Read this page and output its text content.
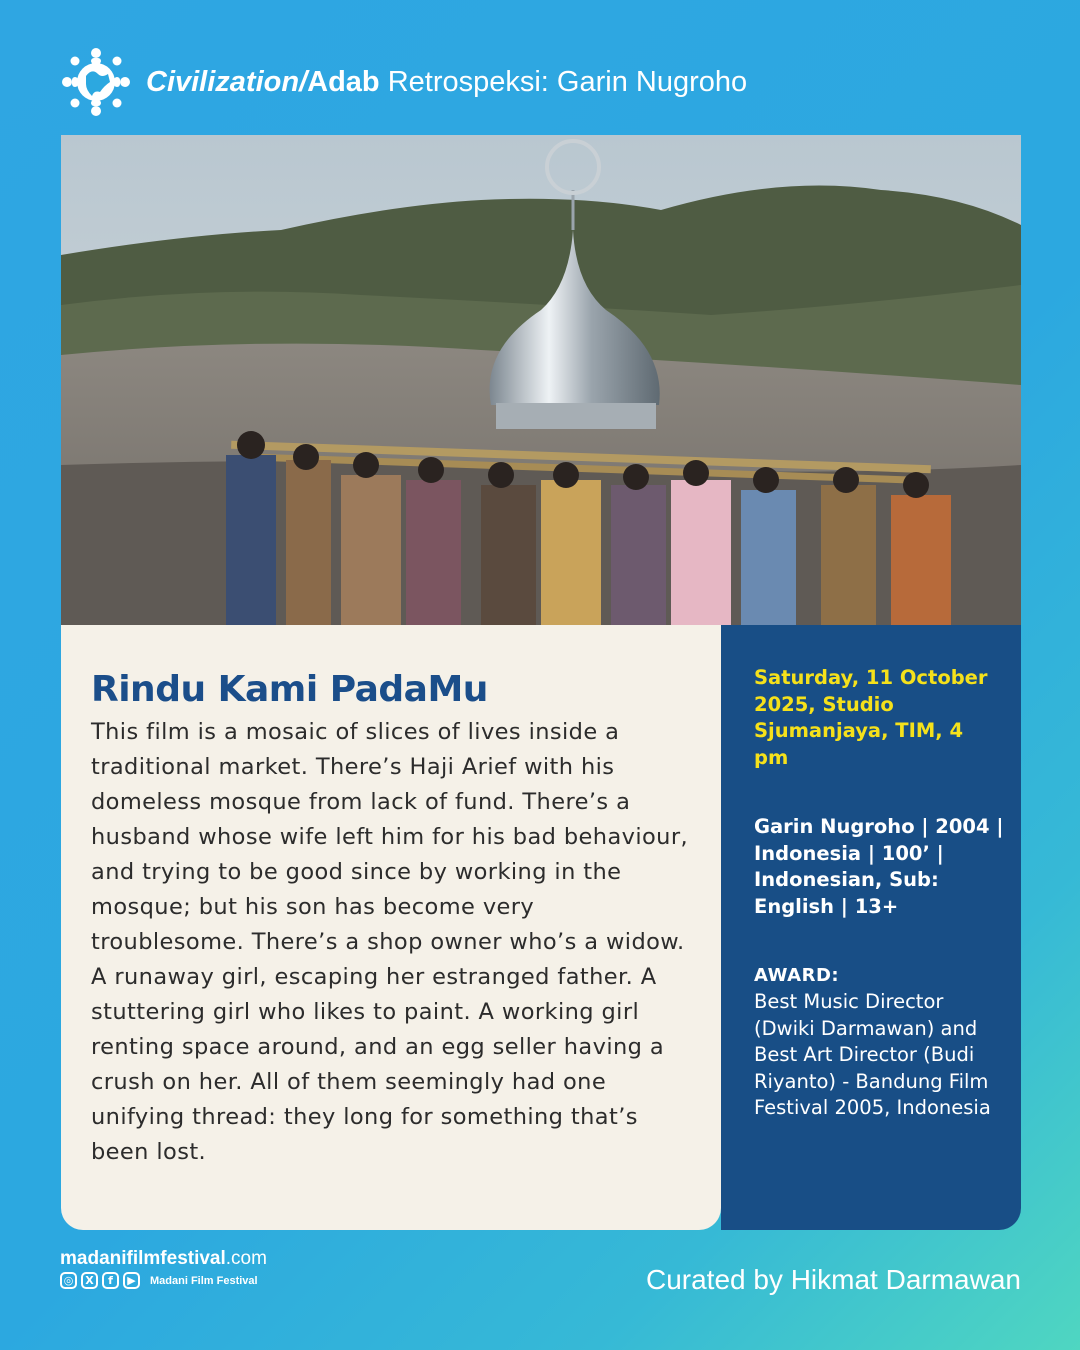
Civilization/Adab Retrospeksi: Garin Nugroho
Rindu Kami PadaMu

This film is a mosaic of slices of lives inside a traditional market. There’s Haji Arief with his domeless mosque from lack of fund. There’s a husband whose wife left him for his bad behaviour, and trying to be good since by working in the mosque; but his son has become very troublesome. There’s a shop owner who’s a widow. A runaway girl, escaping her estranged father. A stuttering girl who likes to paint. A working girl renting space around, and an egg seller having a crush on her. All of them seemingly had one unifying thread: they long for something that’s been lost.

Saturday, 11 October 2025, Studio Sjumanjaya, TIM, 4 pm

Garin Nugroho | 2004 | Indonesia | 100’ | Indonesian, Sub: English | 13+

AWARD:

Best Music Director (Dwiki Darmawan) and Best Art Director (Budi Riyanto) - Bandung Film Festival 2005, Indonesia

madanifilmfestival.com
◎	X	f	▶	Madani Film Festival	Curated by Hikmat Darmawan
